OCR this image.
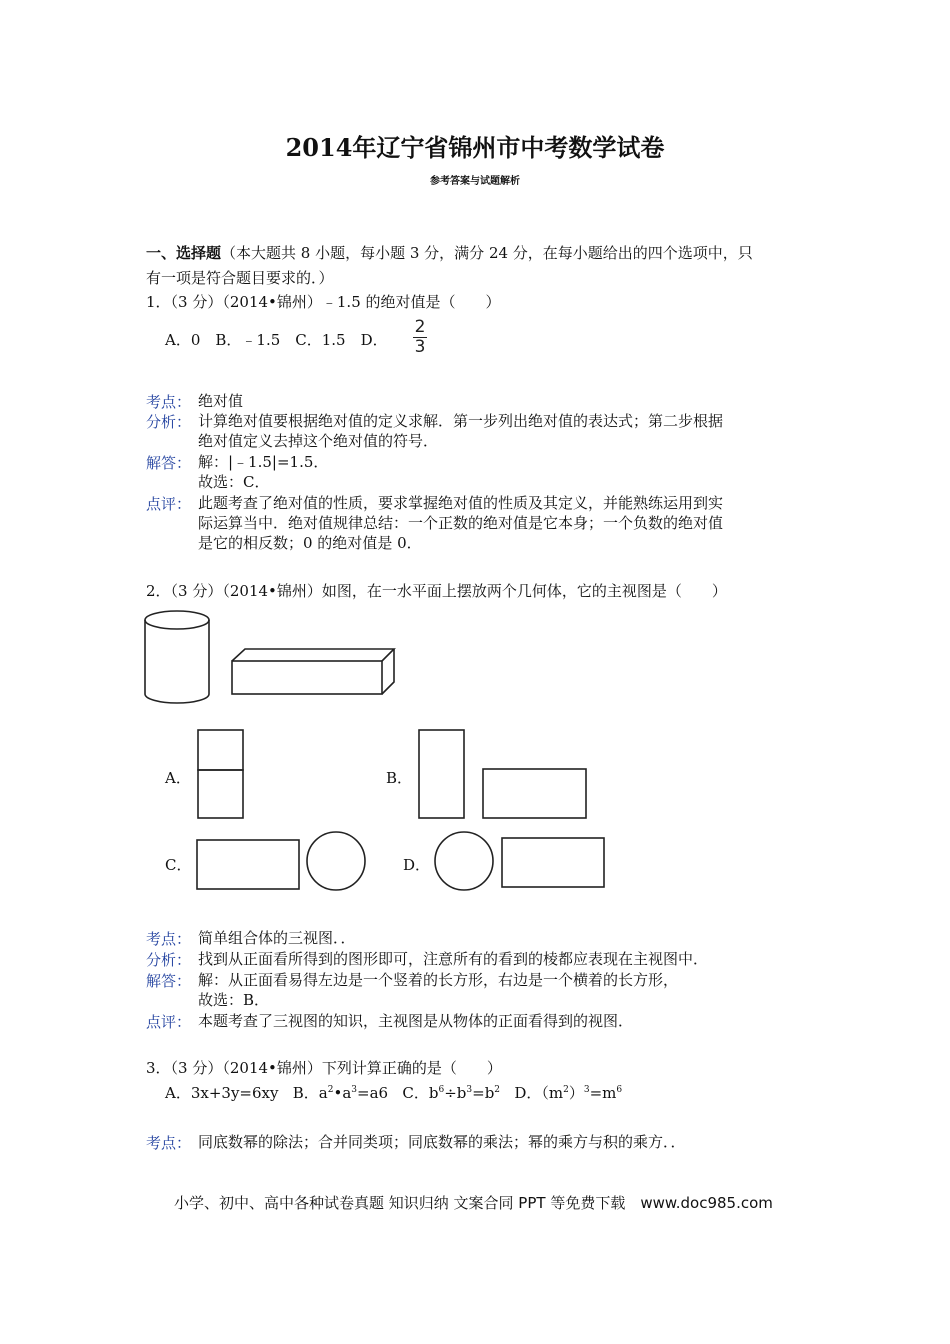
2014年辽宁省锦州市中考数学试卷
参考答案与试题解析
一、选择题（本大题共 8 小题，每小题 3 分，满分 24 分，在每小题给出的四个选项中，只
有一项是符合题目要求的．）
1．（3 分）（2014•锦州）﹣1.5 的绝对值是（　　）
A．0　B．﹣1.5　C．1.5　D．
2
3
考点： 绝对值
分析： 计算绝对值要根据绝对值的定义求解．第一步列出绝对值的表达式；第二步根据
绝对值定义去掉这个绝对值的符号．
解答： 解：|﹣1.5|=1.5．
故选：C．
点评： 此题考查了绝对值的性质，要求掌握绝对值的性质及其定义，并能熟练运用到实
际运算当中．绝对值规律总结：一个正数的绝对值是它本身；一个负数的绝对值
是它的相反数；0 的绝对值是 0．
2．（3 分）（2014•锦州）如图，在一水平面上摆放两个几何体，它的主视图是（　　）
A．	B．
C．	D．
考点： 简单组合体的三视图．．
分析： 找到从正面看所得到的图形即可，注意所有的看到的棱都应表现在主视图中．
解答： 解：从正面看易得左边是一个竖着的长方形，右边是一个横着的长方形，
故选：B．
点评： 本题考查了三视图的知识，主视图是从物体的正面看得到的视图．
3．（3 分）（2014•锦州）下列计算正确的是（　　）
A．3x+3y=6xy B．$a^2•a^3=a6$ C．$b^6\div b^3=b^2$ D．$(m^2)^3=m^6$
考点： 同底数幂的除法；合并同类项；同底数幂的乘法；幂的乘方与积的乘方．．
小学、初中、高中各种试卷真题 知识归纳 文案合同 PPT 等免费下载　www.doc985.com
